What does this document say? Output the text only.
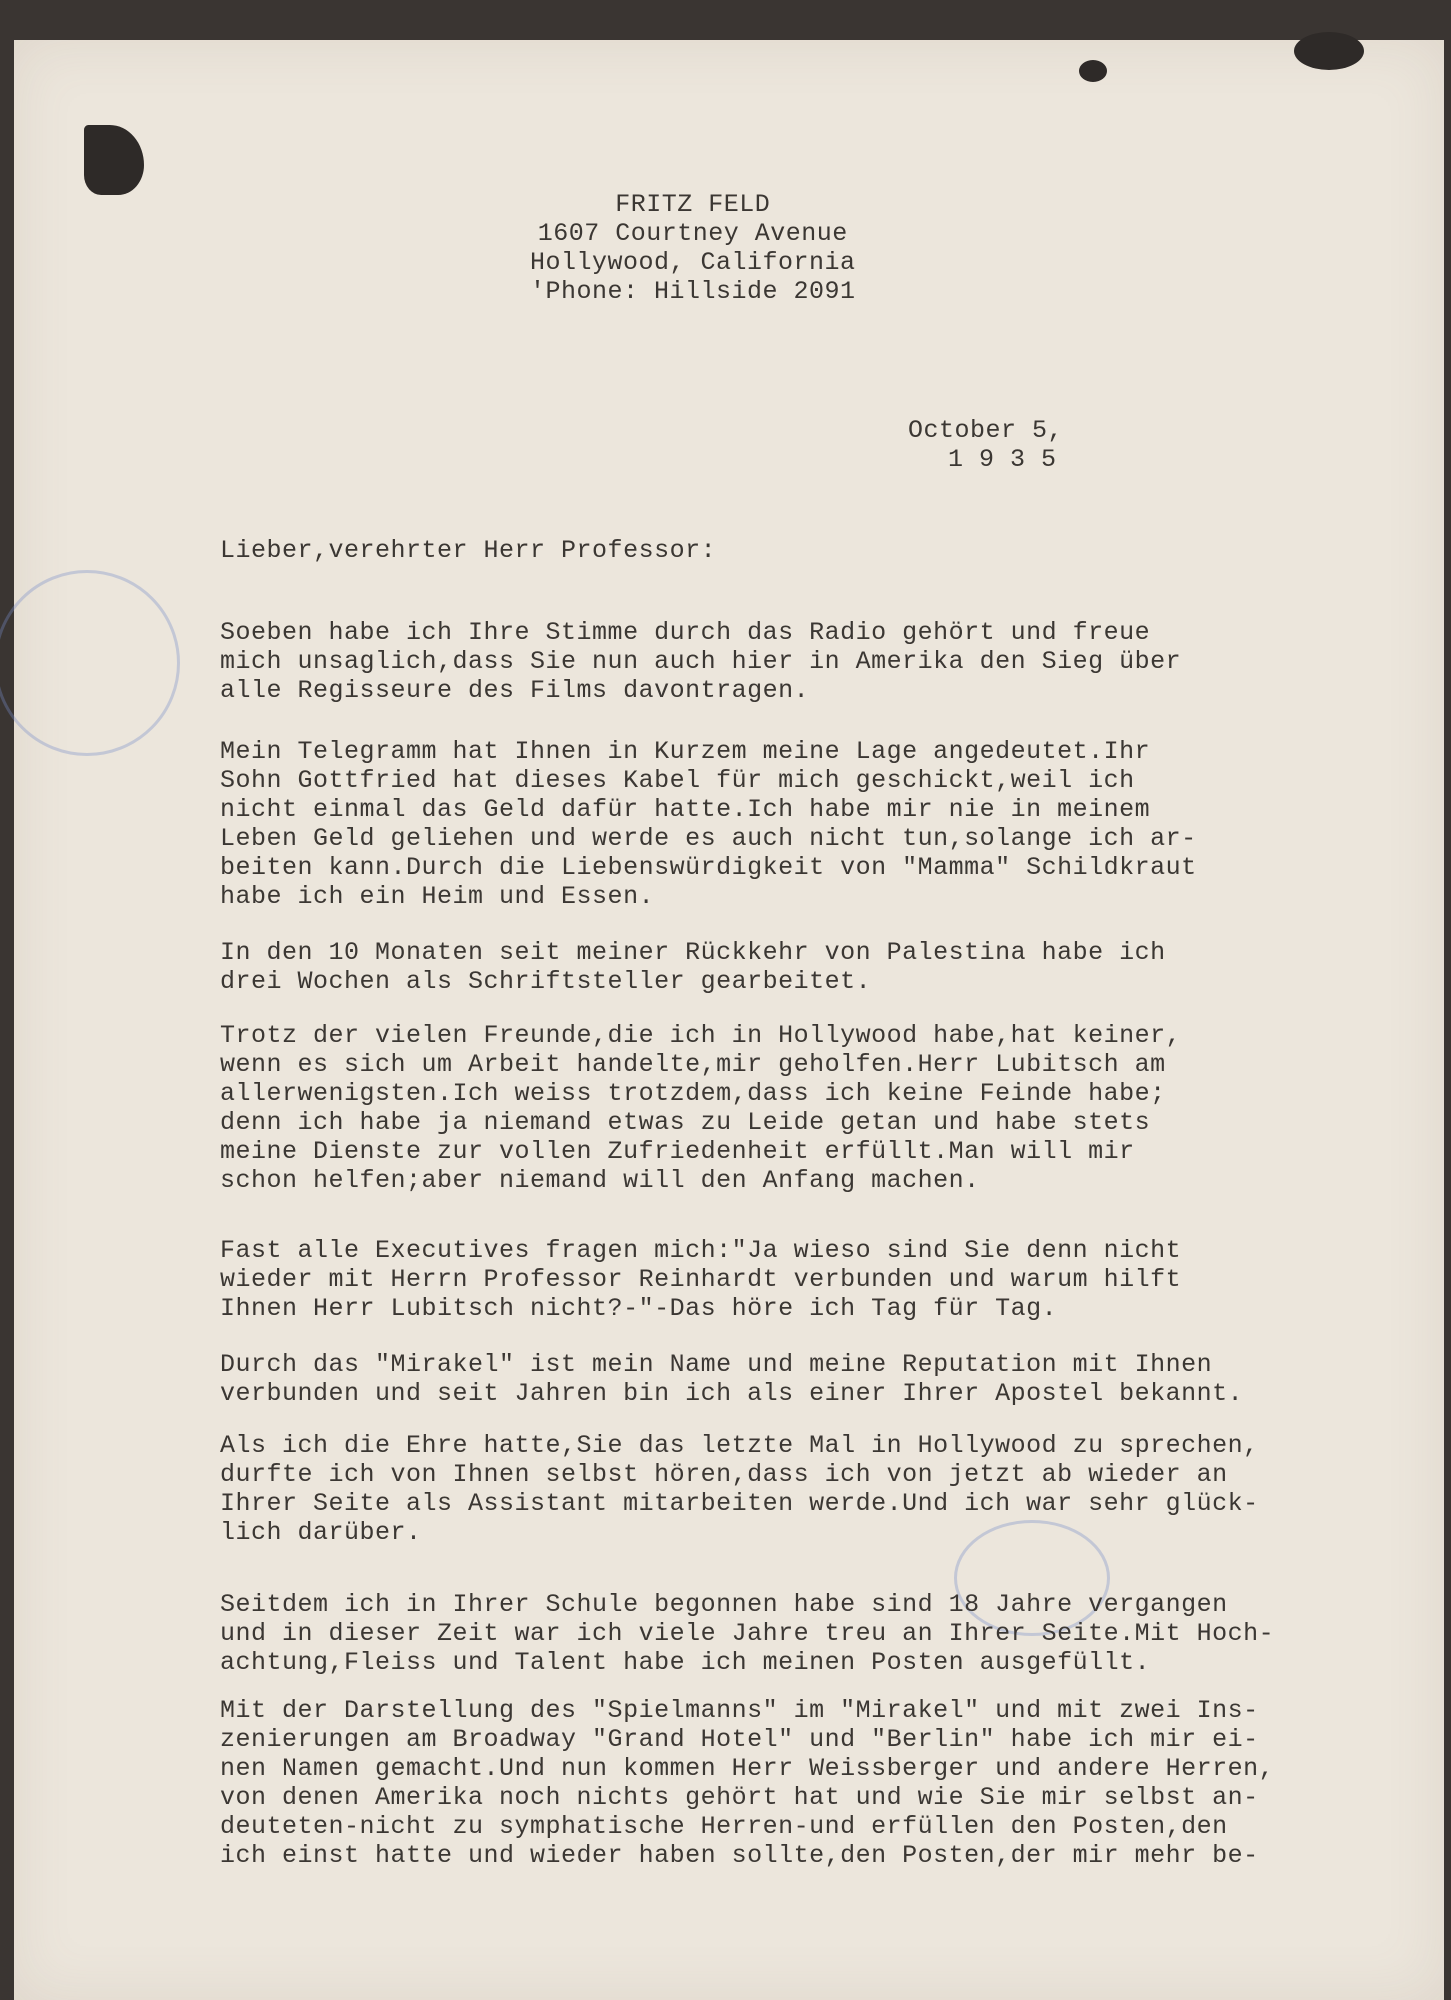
FRITZ FELD
1607 Courtney Avenue
Hollywood, California
'Phone: Hillside 2091
October 5,
1 9 3 5
Lieber,verehrter Herr Professor:
Soeben habe ich Ihre Stimme durch das Radio gehört und freue
mich unsaglich,dass Sie nun auch hier in Amerika den Sieg über
alle Regisseure des Films davontragen.
Mein Telegramm hat Ihnen in Kurzem meine Lage angedeutet.Ihr
Sohn Gottfried hat dieses Kabel für mich geschickt,weil ich
nicht einmal das Geld dafür hatte.Ich habe mir nie in meinem
Leben Geld geliehen und werde es auch nicht tun,solange ich ar-
beiten kann.Durch die Liebenswürdigkeit von "Mamma" Schildkraut
habe ich ein Heim und Essen.
In den 10 Monaten seit meiner Rückkehr von Palestina habe ich
drei Wochen als Schriftsteller gearbeitet.
Trotz der vielen Freunde,die ich in Hollywood habe,hat keiner,
wenn es sich um Arbeit handelte,mir geholfen.Herr Lubitsch am
allerwenigsten.Ich weiss trotzdem,dass ich keine Feinde habe;
denn ich habe ja niemand etwas zu Leide getan und habe stets
meine Dienste zur vollen Zufriedenheit erfüllt.Man will mir
schon helfen;aber niemand will den Anfang machen.
Fast alle Executives fragen mich:"Ja wieso sind Sie denn nicht
wieder mit Herrn Professor Reinhardt verbunden und warum hilft
Ihnen Herr Lubitsch nicht?-"-Das höre ich Tag für Tag.
Durch das "Mirakel" ist mein Name und meine Reputation mit Ihnen
verbunden und seit Jahren bin ich als einer Ihrer Apostel bekannt.
Als ich die Ehre hatte,Sie das letzte Mal in Hollywood zu sprechen,
durfte ich von Ihnen selbst hören,dass ich von jetzt ab wieder an
Ihrer Seite als Assistant mitarbeiten werde.Und ich war sehr glück-
lich darüber.
Seitdem ich in Ihrer Schule begonnen habe sind 18 Jahre vergangen
und in dieser Zeit war ich viele Jahre treu an Ihrer Seite.Mit Hoch-
achtung,Fleiss und Talent habe ich meinen Posten ausgefüllt.
Mit der Darstellung des "Spielmanns" im "Mirakel" und mit zwei Ins-
zenierungen am Broadway "Grand Hotel" und "Berlin" habe ich mir ei-
nen Namen gemacht.Und nun kommen Herr Weissberger und andere Herren,
von denen Amerika noch nichts gehört hat und wie Sie mir selbst an-
deuteten-nicht zu symphatische Herren-und erfüllen den Posten,den
ich einst hatte und wieder haben sollte,den Posten,der mir mehr be-
